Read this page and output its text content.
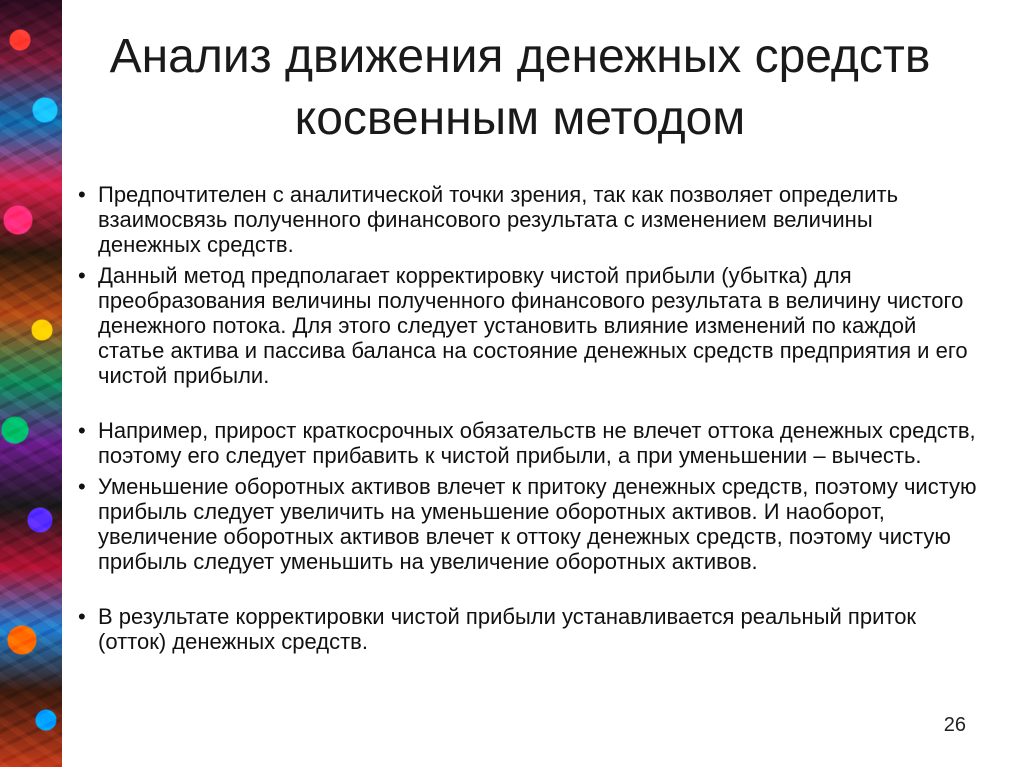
Анализ движения денежных средств косвенным методом
• Предпочтителен с аналитической точки зрения, так как позволяет определить взаимосвязь полученного финансового результата с изменением величины денежных средств.
• Данный метод предполагает корректировку чистой прибыли (убытка) для преобразования величины полученного финансового результата в величину чистого денежного потока. Для этого следует установить влияние изменений по каждой статье актива и пассива баланса на состояние денежных средств предприятия и его чистой прибыли.
• Например, прирост краткосрочных обязательств не влечет оттока денежных средств, поэтому его следует прибавить к чистой прибыли, а при уменьшении – вычесть.
• Уменьшение оборотных активов влечет к притоку денежных средств, поэтому чистую прибыль следует увеличить на уменьшение оборотных активов. И наоборот, увеличение оборотных активов влечет к оттоку денежных средств, поэтому чистую прибыль следует уменьшить на увеличение оборотных активов.
• В результате корректировки чистой прибыли устанавливается реальный приток (отток) денежных средств.
26
